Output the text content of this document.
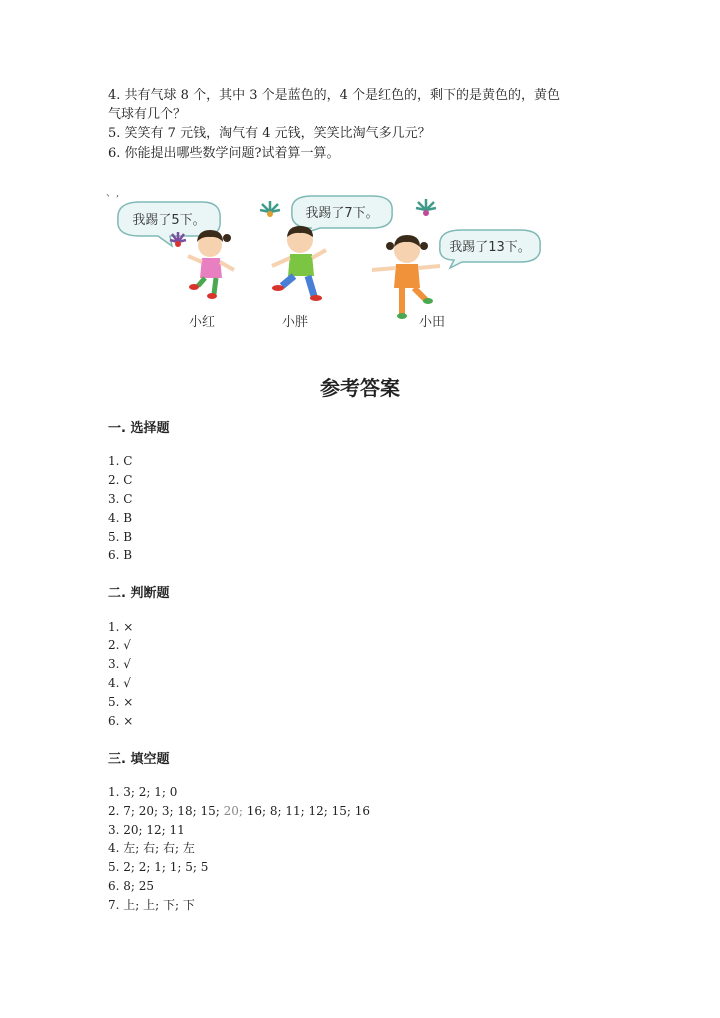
4. 共有气球 8 个，其中 3 个是蓝色的，4 个是红色的，剩下的是黄色的，黄色
气球有几个？
5. 笑笑有 7 元钱，淘气有 4 元钱，笑笑比淘气多几元？
6. 你能提出哪些数学问题?试着算一算。
、,
我踢了5下。	我踢了7下。
我踢了13下。
小红	小胖	小田
参考答案
一. 选择题
1. C
2. C
3. C
4. B
5. B
6. B
二. 判断题
1. ×
2. √
3. √
4. √
5. ×
6. ×
三. 填空题
1. 3; 2; 1; 0
2. 7; 20; 3; 18; 15; 20; 16; 8; 11; 12; 15; 16
3. 20; 12; 11
4. 左; 右; 右; 左
5. 2; 2; 1; 1; 5; 5
6. 8; 25
7. 上; 上; 下; 下
